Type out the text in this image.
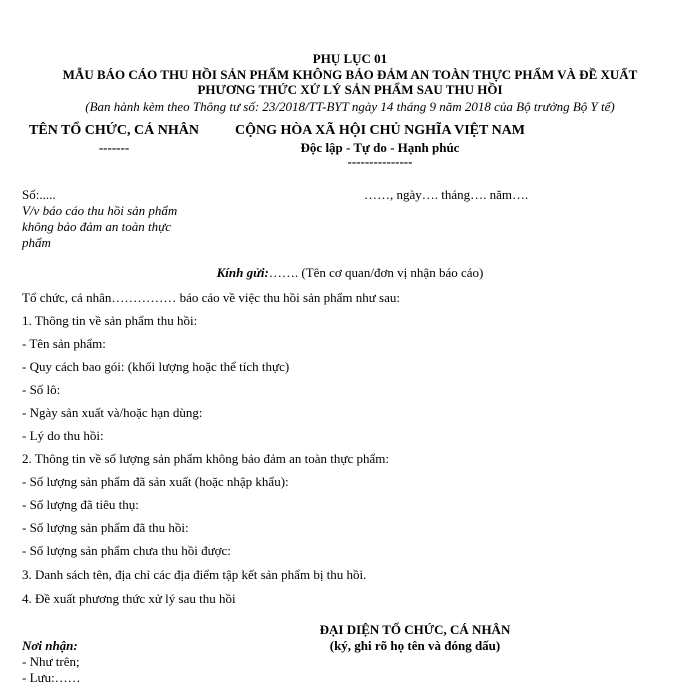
PHỤ LỤC 01
MẪU BÁO CÁO THU HỒI SẢN PHẨM KHÔNG BẢO ĐẢM AN TOÀN THỰC PHẨM VÀ ĐỀ XUẤT
PHƯƠNG THỨC XỬ LÝ SẢN PHẨM SAU THU HỒI
(Ban hành kèm theo Thông tư số: 23/2018/TT-BYT ngày 14 tháng 9 năm 2018 của Bộ trưởng Bộ Y tế)
TÊN TỔ CHỨC, CÁ NHÂN
-------
CỘNG HÒA XÃ HỘI CHỦ NGHĨA VIỆT NAM
Độc lập - Tự do - Hạnh phúc
---------------
Số:.....	……, ngày…. tháng…. năm….
V/v báo cáo thu hồi sản phẩm
không bảo đảm an toàn thực
phẩm
Kính gửi:……. (Tên cơ quan/đơn vị nhận báo cáo)
Tổ chức, cá nhân…………… báo cáo về việc thu hồi sản phẩm như sau:
1. Thông tin về sản phẩm thu hồi:
- Tên sản phẩm:
- Quy cách bao gói: (khối lượng hoặc thể tích thực)
- Số lô:
- Ngày sản xuất và/hoặc hạn dùng:
- Lý do thu hồi:
2. Thông tin về số lượng sản phẩm không bảo đảm an toàn thực phẩm:
- Số lượng sản phẩm đã sản xuất (hoặc nhập khẩu):
- Số lượng đã tiêu thụ:
- Số lượng sản phẩm đã thu hồi:
- Số lượng sản phẩm chưa thu hồi được:
3. Danh sách tên, địa chỉ các địa điểm tập kết sản phẩm bị thu hồi.
4. Đề xuất phương thức xử lý sau thu hồi
ĐẠI DIỆN TỔ CHỨC, CÁ NHÂN
(ký, ghi rõ họ tên và đóng dấu)
Nơi nhận:
- Như trên;
- Lưu:……
